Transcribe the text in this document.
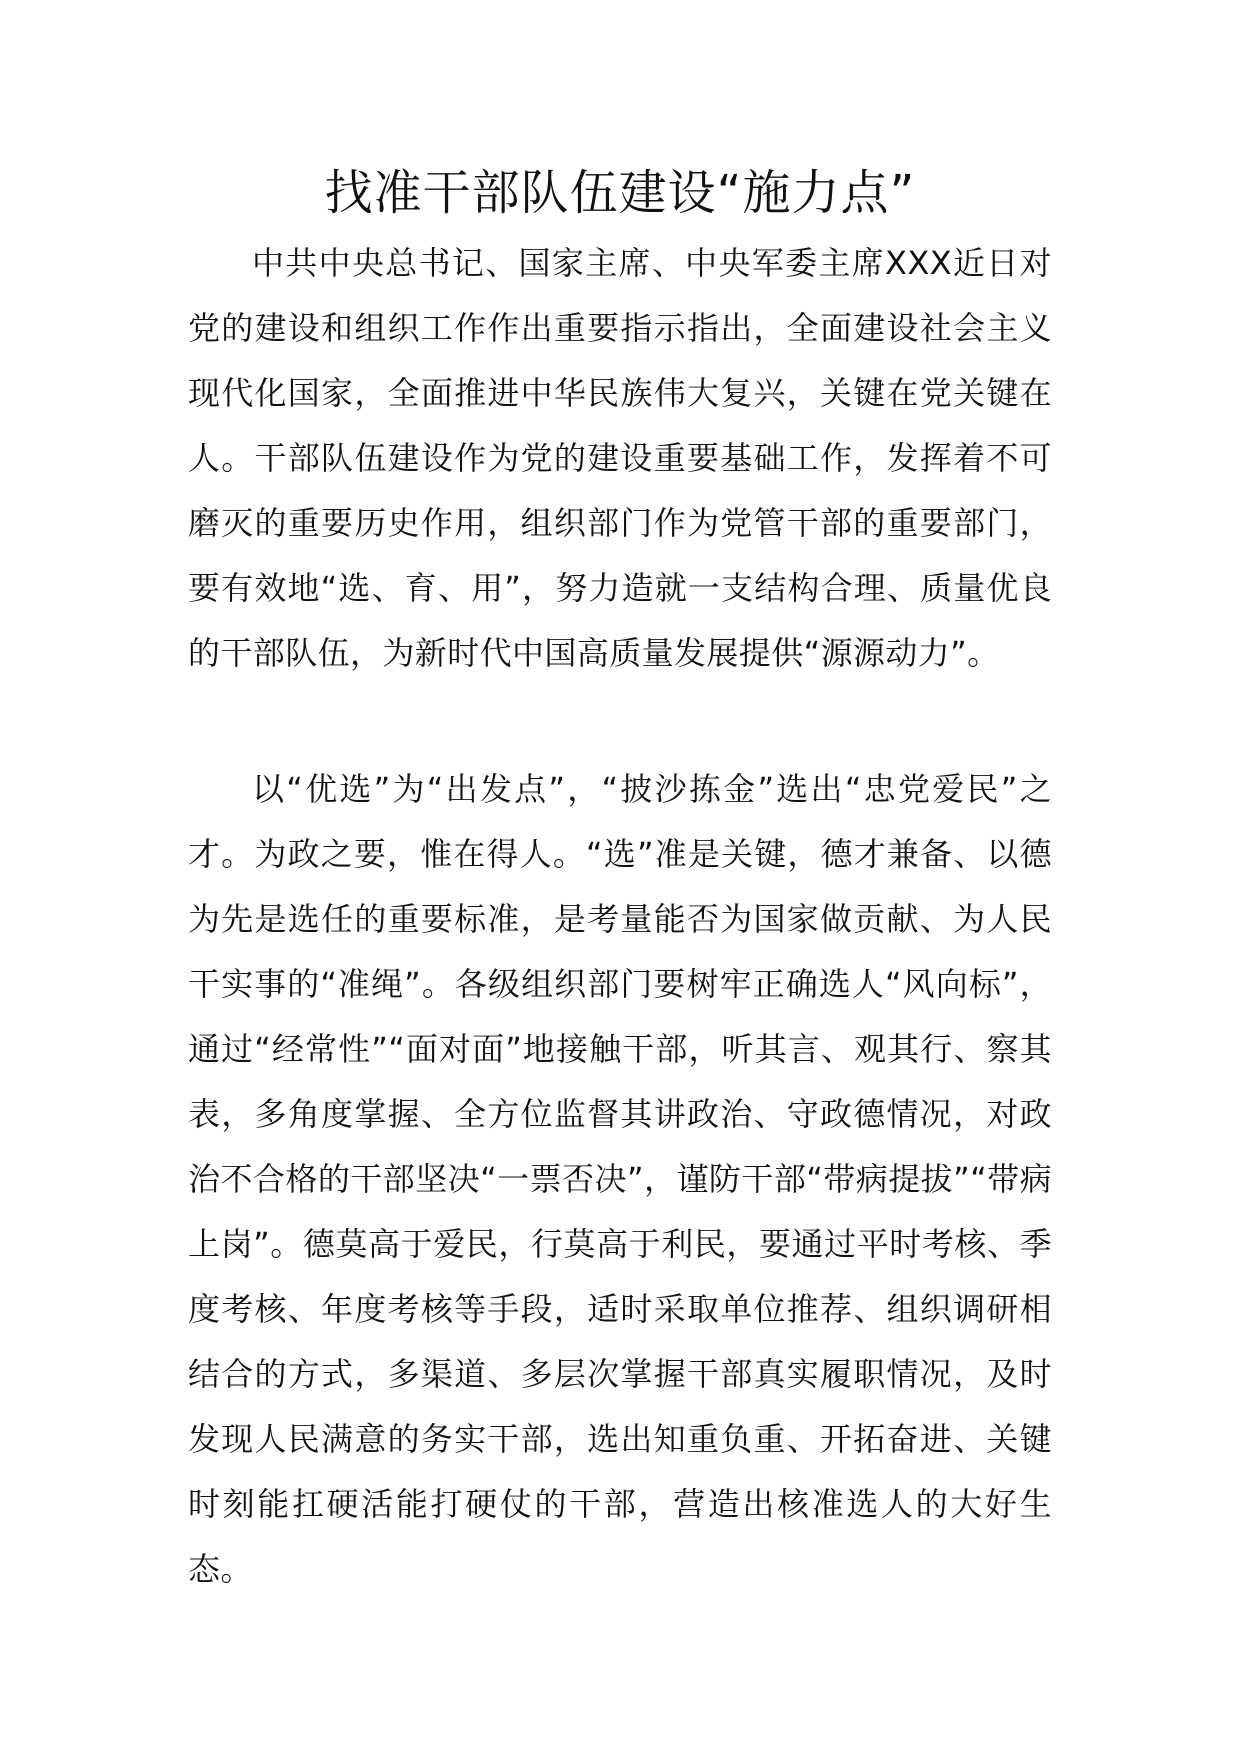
找准干部队伍建设“施力点”

中共中央总书记、国家主席、中央军委主席XXX近日对党的建设和组织工作作出重要指示指出，全面建设社会主义现代化国家，全面推进中华民族伟大复兴，关键在党关键在人。干部队伍建设作为党的建设重要基础工作，发挥着不可磨灭的重要历史作用，组织部门作为党管干部的重要部门，要有效地“选、育、用”，努力造就一支结构合理、质量优良的干部队伍，为新时代中国高质量发展提供“源源动力”。

以“优选”为“出发点”，“披沙拣金”选出“忠党爱民”之才。为政之要，惟在得人。“选”准是关键，德才兼备、以德为先是选任的重要标准，是考量能否为国家做贡献、为人民干实事的“准绳”。各级组织部门要树牢正确选人“风向标”，通过“经常性”“面对面”地接触干部，听其言、观其行、察其表，多角度掌握、全方位监督其讲政治、守政德情况，对政治不合格的干部坚决“一票否决”，谨防干部“带病提拔”“带病上岗”。德莫高于爱民，行莫高于利民，要通过平时考核、季度考核、年度考核等手段，适时采取单位推荐、组织调研相结合的方式，多渠道、多层次掌握干部真实履职情况，及时发现人民满意的务实干部，选出知重负重、开拓奋进、关键时刻能扛硬活能打硬仗的干部，营造出核准选人的大好生态。
